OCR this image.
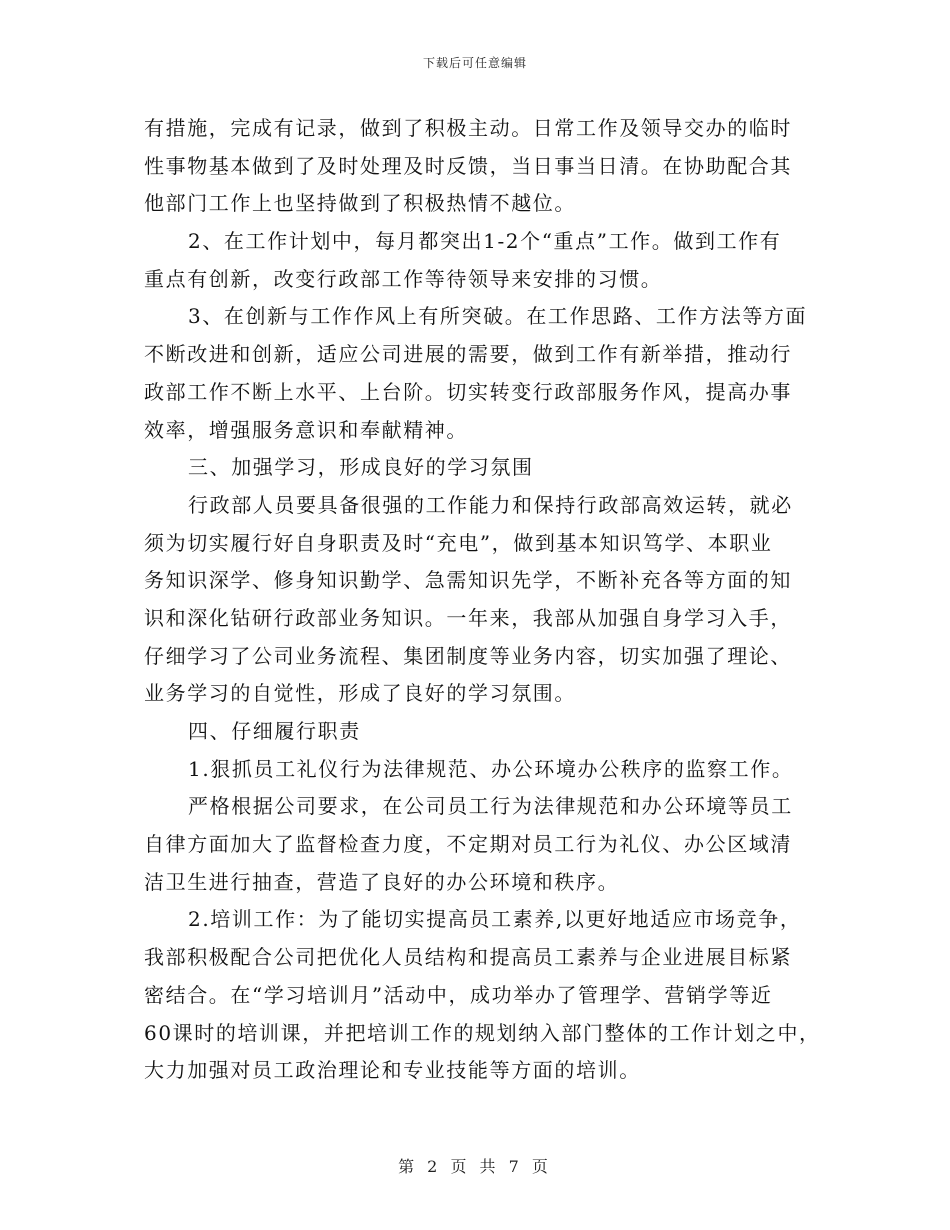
下载后可任意编辑
有措施，完成有记录，做到了积极主动。日常工作及领导交办的临时
性事物基本做到了及时处理及时反馈，当日事当日清。在协助配合其
他部门工作上也坚持做到了积极热情不越位。
2、在工作计划中，每月都突出1-2个“重点”工作。做到工作有
重点有创新，改变行政部工作等待领导来安排的习惯。
3、在创新与工作作风上有所突破。在工作思路、工作方法等方面
不断改进和创新，适应公司进展的需要，做到工作有新举措，推动行
政部工作不断上水平、上台阶。切实转变行政部服务作风，提高办事
效率，增强服务意识和奉献精神。
三、加强学习，形成良好的学习氛围
行政部人员要具备很强的工作能力和保持行政部高效运转，就必
须为切实履行好自身职责及时“充电”，做到基本知识笃学、本职业
务知识深学、修身知识勤学、急需知识先学，不断补充各等方面的知
识和深化钻研行政部业务知识。一年来，我部从加强自身学习入手，
仔细学习了公司业务流程、集团制度等业务内容，切实加强了理论、
业务学习的自觉性，形成了良好的学习氛围。
四、仔细履行职责
1.狠抓员工礼仪行为法律规范、办公环境办公秩序的监察工作。
严格根据公司要求，在公司员工行为法律规范和办公环境等员工
自律方面加大了监督检查力度，不定期对员工行为礼仪、办公区域清
洁卫生进行抽查，营造了良好的办公环境和秩序。
2.培训工作：为了能切实提高员工素养,以更好地适应市场竞争，
我部积极配合公司把优化人员结构和提高员工素养与企业进展目标紧
密结合。在“学习培训月”活动中，成功举办了管理学、营销学等近
60课时的培训课，并把培训工作的规划纳入部门整体的工作计划之中，
大力加强对员工政治理论和专业技能等方面的培训。
第 2 页 共 7 页
